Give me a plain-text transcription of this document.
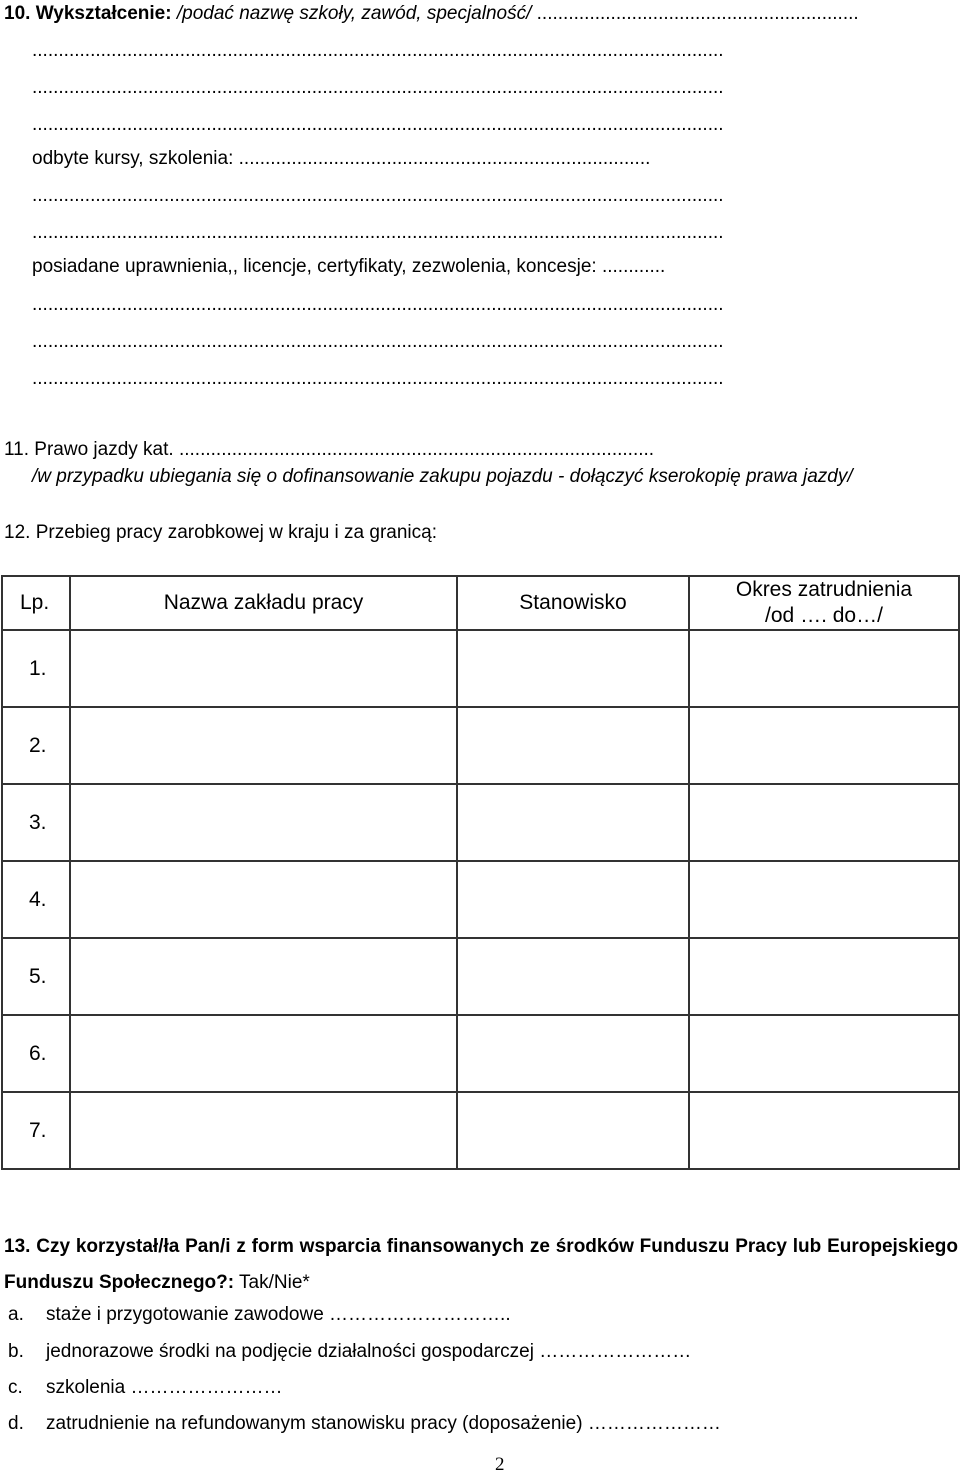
10. Wykształcenie: /podać nazwę szkoły, zawód, specjalność/ .............................................................
...................................................................................................................................
...................................................................................................................................
...................................................................................................................................
odbyte kursy, szkolenia: ..............................................................................
...................................................................................................................................
...................................................................................................................................
posiadane uprawnienia,, licencje, certyfikaty, zezwolenia, koncesje: ............
...................................................................................................................................
...................................................................................................................................
...................................................................................................................................
11. Prawo jazdy kat. ..........................................................................................
/w przypadku ubiegania się o dofinansowanie zakupu pojazdu - dołączyć kserokopię prawa jazdy/
12. Przebieg pracy zarobkowej w kraju i za granicą:
Lp.	Nazwa zakładu pracy	Stanowisko	Okres zatrudnienia
/od …. do…/

1.			
2.			
3.			
4.			
5.			
6.			
7.			
13. Czy korzystał/ła Pan/i z form wsparcia finansowanych ze środków Funduszu Pracy lub Europejskiego Funduszu Społecznego?: Tak/Nie*
a. staże i przygotowanie zawodowe ………………………..
b. jednorazowe środki na podjęcie działalności gospodarczej ……………………
c. szkolenia ……………………
d. zatrudnienie na refundowanym stanowisku pracy (doposażenie) …………………
2
